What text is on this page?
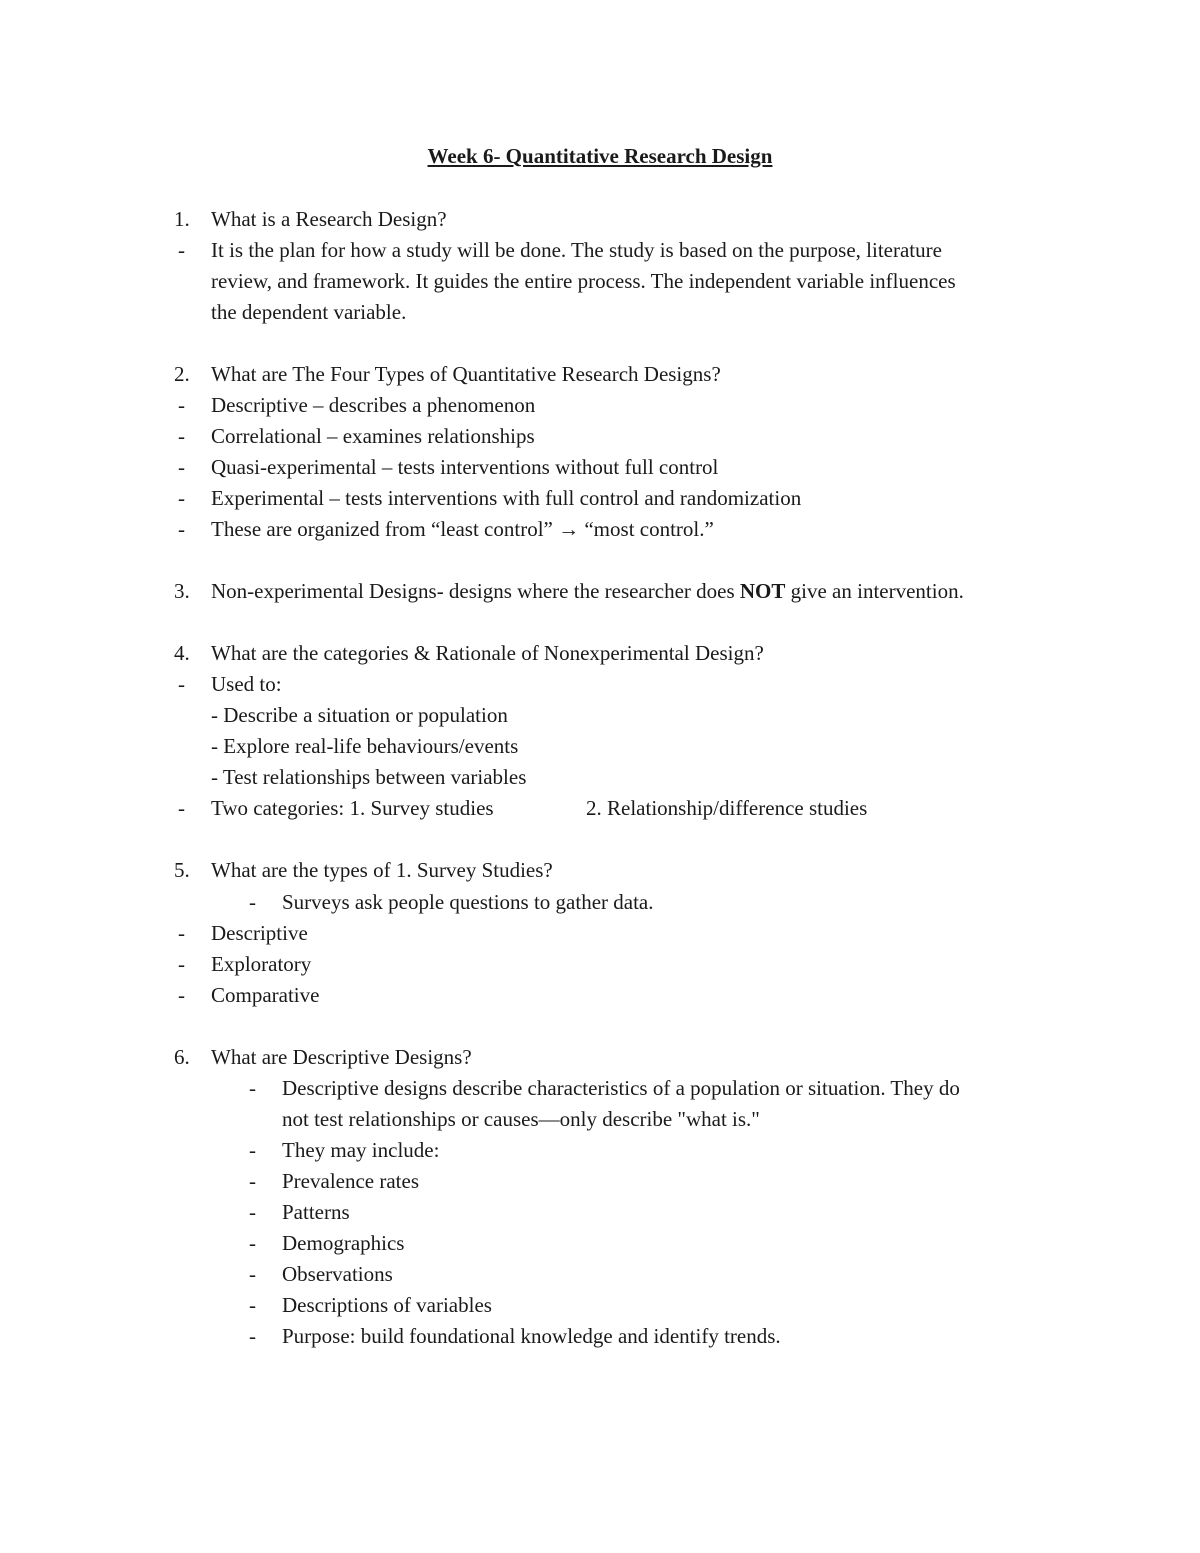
Week 6- Quantitative Research Design
1. What is a Research Design?
- It is the plan for how a study will be done. The study is based on the purpose, literature
review, and framework. It guides the entire process. The independent variable influences
the dependent variable.
2. What are The Four Types of Quantitative Research Designs?
- Descriptive – describes a phenomenon
- Correlational – examines relationships
- Quasi-experimental – tests interventions without full control
- Experimental – tests interventions with full control and randomization
- These are organized from “least control” → “most control.”
3. Non-experimental Designs- designs where the researcher does NOT give an intervention.
4. What are the categories & Rationale of Nonexperimental Design?
- Used to:
- Describe a situation or population
- Explore real-life behaviours/events
- Test relationships between variables
- Two categories: 1. Survey studies	2. Relationship/difference studies
5. What are the types of 1. Survey Studies?
- Surveys ask people questions to gather data.
- Descriptive
- Exploratory
- Comparative
6. What are Descriptive Designs?
- Descriptive designs describe characteristics of a population or situation. They do
not test relationships or causes—only describe "what is."
- They may include:
- Prevalence rates
- Patterns
- Demographics
- Observations
- Descriptions of variables
- Purpose: build foundational knowledge and identify trends.
